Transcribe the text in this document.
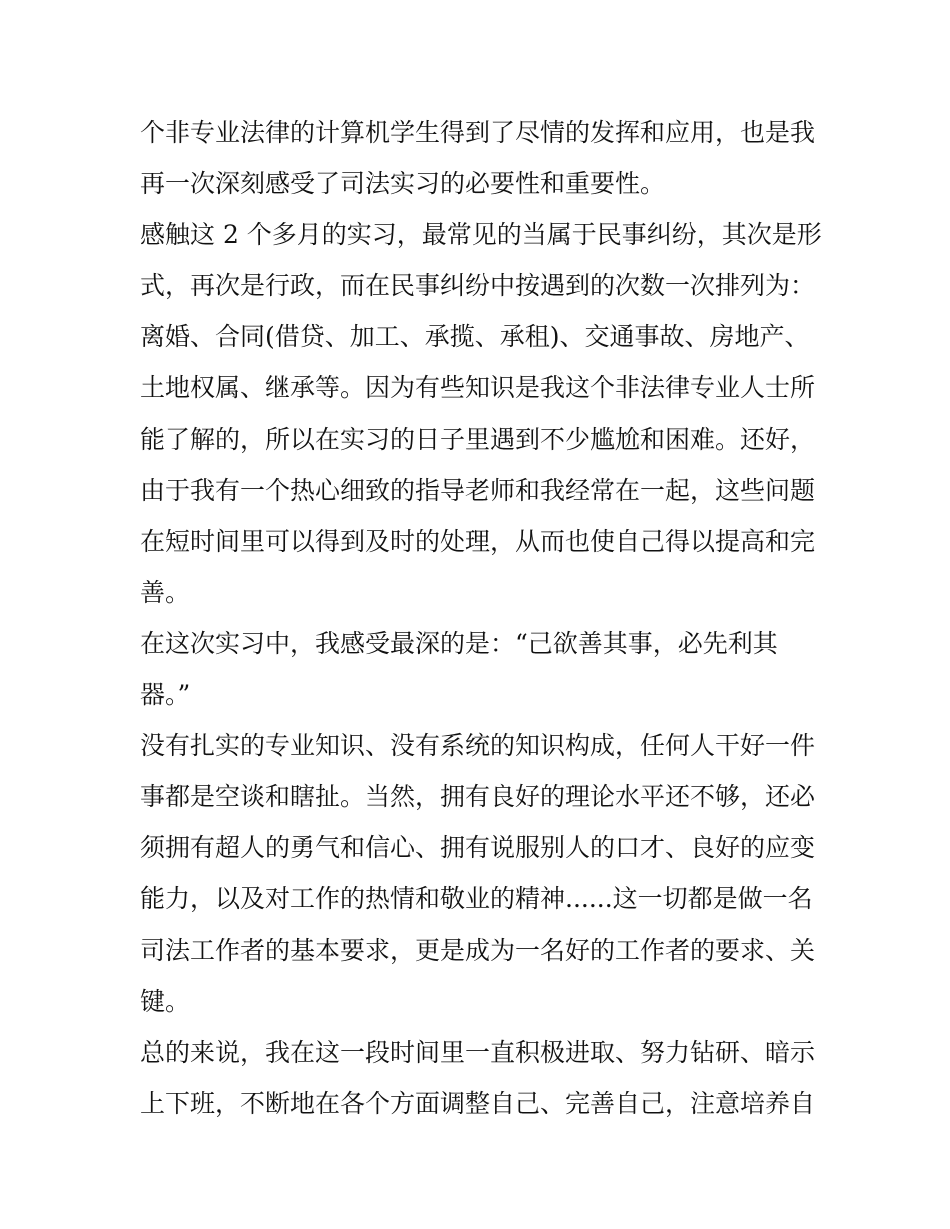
个非专业法律的计算机学生得到了尽情的发挥和应用，也是我
再一次深刻感受了司法实习的必要性和重要性。
感触这 2 个多月的实习，最常见的当属于民事纠纷，其次是形
式，再次是行政，而在民事纠纷中按遇到的次数一次排列为：
离婚、合同(借贷、加工、承揽、承租)、交通事故、房地产、
土地权属、继承等。因为有些知识是我这个非法律专业人士所
能了解的，所以在实习的日子里遇到不少尴尬和困难。还好，
由于我有一个热心细致的指导老师和我经常在一起，这些问题
在短时间里可以得到及时的处理，从而也使自己得以提高和完
善。
在这次实习中，我感受最深的是：“己欲善其事，必先利其
器。”
没有扎实的专业知识、没有系统的知识构成，任何人干好一件
事都是空谈和瞎扯。当然，拥有良好的理论水平还不够，还必
须拥有超人的勇气和信心、拥有说服别人的口才、良好的应变
能力，以及对工作的热情和敬业的精神......这一切都是做一名
司法工作者的基本要求，更是成为一名好的工作者的要求、关
键。
总的来说，我在这一段时间里一直积极进取、努力钻研、暗示
上下班，不断地在各个方面调整自己、完善自己，注意培养自
